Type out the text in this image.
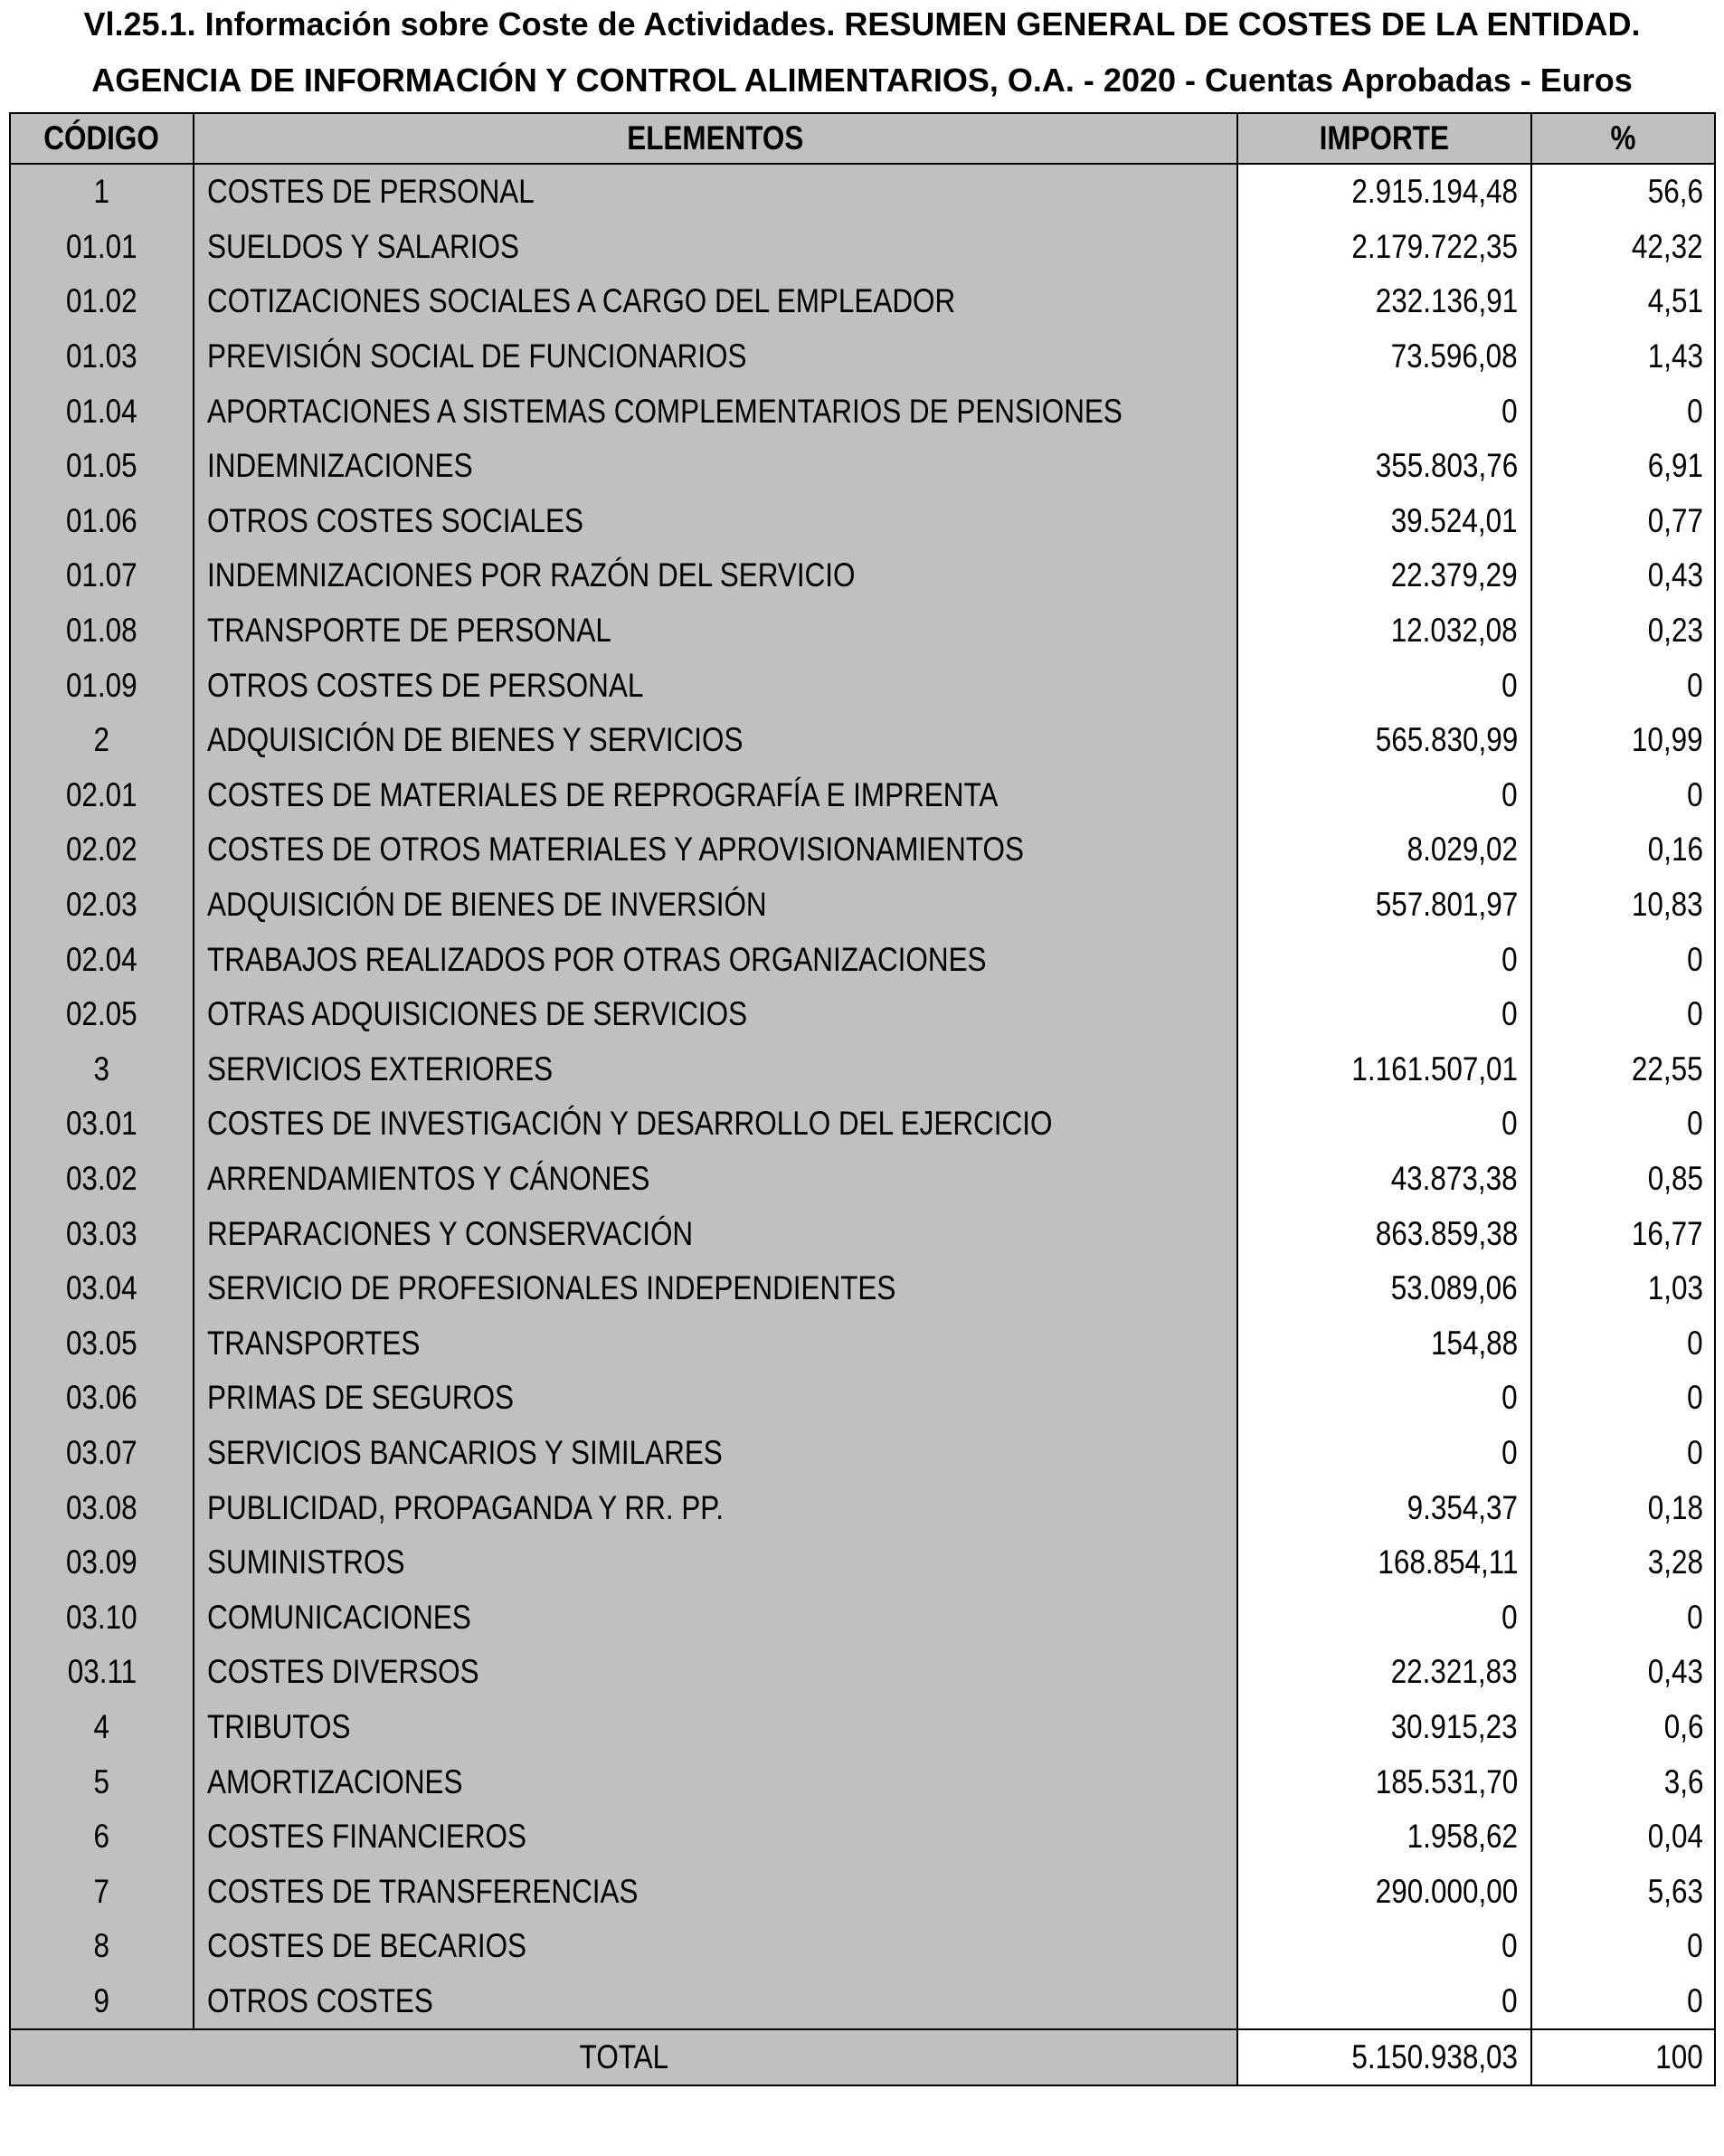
Vl.25.1. Información sobre Coste de Actividades. RESUMEN GENERAL DE COSTES DE LA ENTIDAD.
AGENCIA DE INFORMACIÓN Y CONTROL ALIMENTARIOS, O.A. - 2020 - Cuentas Aprobadas - Euros
CÓDIGO	ELEMENTOS	IMPORTE	%
1	COSTES DE PERSONAL	2.915.194,48	56,6
01.01	SUELDOS Y SALARIOS	2.179.722,35	42,32
01.02	COTIZACIONES SOCIALES A CARGO DEL EMPLEADOR	232.136,91	4,51
01.03	PREVISIÓN SOCIAL DE FUNCIONARIOS	73.596,08	1,43
01.04	APORTACIONES A SISTEMAS COMPLEMENTARIOS DE PENSIONES	0	0
01.05	INDEMNIZACIONES	355.803,76	6,91
01.06	OTROS COSTES SOCIALES	39.524,01	0,77
01.07	INDEMNIZACIONES POR RAZÓN DEL SERVICIO	22.379,29	0,43
01.08	TRANSPORTE DE PERSONAL	12.032,08	0,23
01.09	OTROS COSTES DE PERSONAL	0	0
2	ADQUISICIÓN DE BIENES Y SERVICIOS	565.830,99	10,99
02.01	COSTES DE MATERIALES DE REPROGRAFÍA E IMPRENTA	0	0
02.02	COSTES DE OTROS MATERIALES Y APROVISIONAMIENTOS	8.029,02	0,16
02.03	ADQUISICIÓN DE BIENES DE INVERSIÓN	557.801,97	10,83
02.04	TRABAJOS REALIZADOS POR OTRAS ORGANIZACIONES	0	0
02.05	OTRAS ADQUISICIONES DE SERVICIOS	0	0
3	SERVICIOS EXTERIORES	1.161.507,01	22,55
03.01	COSTES DE INVESTIGACIÓN Y DESARROLLO DEL EJERCICIO	0	0
03.02	ARRENDAMIENTOS Y CÁNONES	43.873,38	0,85
03.03	REPARACIONES Y CONSERVACIÓN	863.859,38	16,77
03.04	SERVICIO DE PROFESIONALES INDEPENDIENTES	53.089,06	1,03
03.05	TRANSPORTES	154,88	0
03.06	PRIMAS DE SEGUROS	0	0
03.07	SERVICIOS BANCARIOS Y SIMILARES	0	0
03.08	PUBLICIDAD, PROPAGANDA Y RR. PP.	9.354,37	0,18
03.09	SUMINISTROS	168.854,11	3,28
03.10	COMUNICACIONES	0	0
03.11	COSTES DIVERSOS	22.321,83	0,43
4	TRIBUTOS	30.915,23	0,6
5	AMORTIZACIONES	185.531,70	3,6
6	COSTES FINANCIEROS	1.958,62	0,04
7	COSTES DE TRANSFERENCIAS	290.000,00	5,63
8	COSTES DE BECARIOS	0	0
9	OTROS COSTES	0	0
TOTAL		5.150.938,03	100
